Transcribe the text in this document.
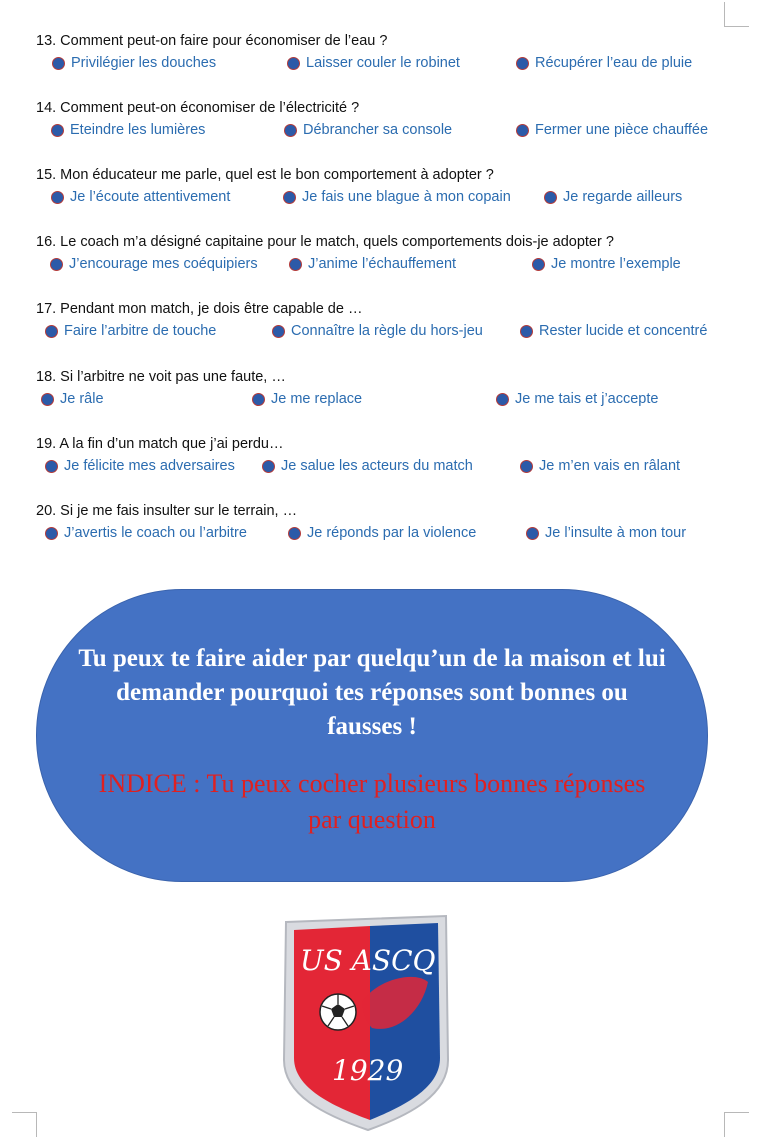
13. Comment peut-on faire pour économiser de l’eau ?
Privilégier les douches	Laisser couler le robinet	Récupérer l’eau de pluie
14. Comment peut-on économiser de l’électricité ?
Eteindre les lumières	Débrancher sa console	Fermer une pièce chauffée
15. Mon éducateur me parle, quel est le bon comportement à adopter ?
Je l’écoute attentivement	Je fais une blague à mon copain	Je regarde ailleurs
16. Le coach m’a désigné capitaine pour le match, quels comportements dois-je adopter ?
J’encourage mes coéquipiers	J’anime l’échauffement	Je montre l’exemple
17. Pendant mon match, je dois être capable de …
Faire l’arbitre de touche	Connaître la règle du hors-jeu	Rester lucide et concentré
18. Si l’arbitre ne voit pas une faute, …
Je râle	Je me replace	Je me tais et j’accepte
19. A la fin d’un match que j’ai perdu…
Je félicite mes adversaires	Je salue les acteurs du match	Je m’en vais en râlant
20. Si je me fais insulter sur le terrain, …
J’avertis le coach ou l’arbitre	Je réponds par la violence	Je l’insulte à mon tour
Tu peux te faire aider par quelqu’un de la maison et lui demander pourquoi tes réponses sont bonnes ou fausses !
INDICE : Tu peux cocher plusieurs bonnes réponses par question
US ASCQ
1929
